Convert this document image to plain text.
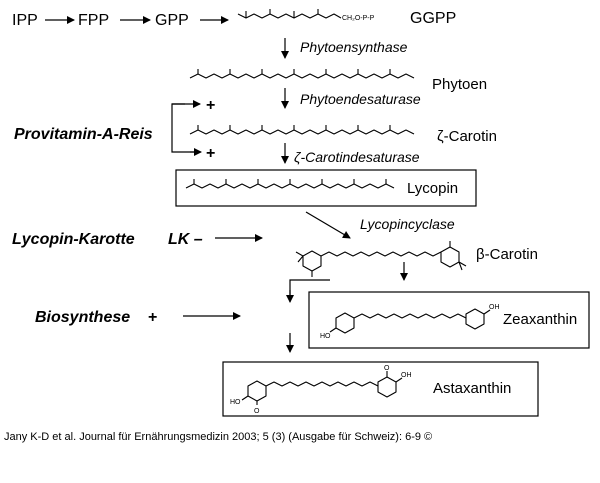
IPP	FPP	GPP	CH₂O-P-P GGPP
Phytoensynthase
Phytoen
Phytoendesaturase
ζ-Carotin
+
+
Provitamin-A-Reis
ζ-Carotindesaturase
Lycopin
Lycopincyclase
Lycopin-Karotte LK –
β-Carotin
HO
OH
Zeaxanthin
Biosynthese +
HO
O
O
OH
Astaxanthin
Jany K-D et al. Journal für Ernährungsmedizin 2003; 5 (3) (Ausgabe für Schweiz): 6-9 ©
